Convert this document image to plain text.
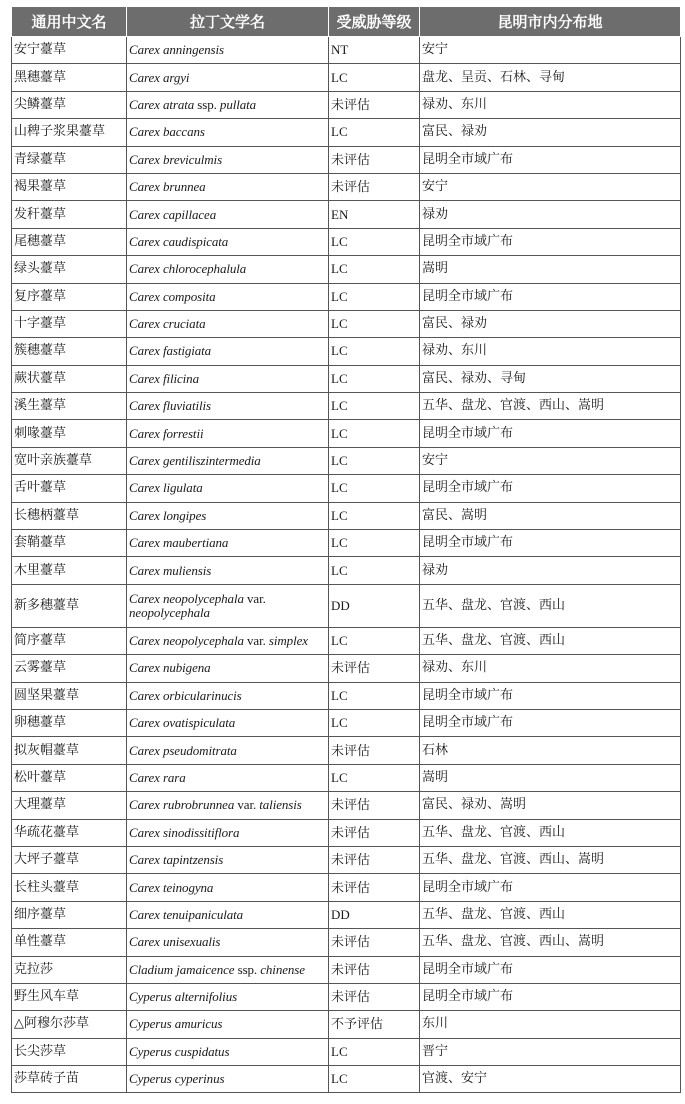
通用中文名	拉丁文学名	受威胁等级	昆明市内分布地
安宁薹草	Carex anningensis	NT	安宁
黑穗薹草	Carex argyi	LC	盘龙、呈贡、石林、寻甸
尖鳞薹草	Carex atrata ssp. pullata	未评估	禄劝、东川
山稗子浆果薹草	Carex baccans	LC	富民、禄劝
青绿薹草	Carex breviculmis	未评估	昆明全市域广布
褐果薹草	Carex brunnea	未评估	安宁
发秆薹草	Carex capillacea	EN	禄劝
尾穗薹草	Carex caudispicata	LC	昆明全市域广布
绿头薹草	Carex chlorocephalula	LC	嵩明
复序薹草	Carex composita	LC	昆明全市域广布
十字薹草	Carex cruciata	LC	富民、禄劝
簇穗薹草	Carex fastigiata	LC	禄劝、东川
蕨状薹草	Carex filicina	LC	富民、禄劝、寻甸
溪生薹草	Carex fluviatilis	LC	五华、盘龙、官渡、西山、嵩明
刺喙薹草	Carex forrestii	LC	昆明全市域广布
宽叶亲族薹草	Carex gentiliszintermedia	LC	安宁
舌叶薹草	Carex ligulata	LC	昆明全市域广布
长穗柄薹草	Carex longipes	LC	富民、嵩明
套鞘薹草	Carex maubertiana	LC	昆明全市域广布
木里薹草	Carex muliensis	LC	禄劝
新多穗薹草	Carex neopolycephala var. neopolycephala	DD	五华、盘龙、官渡、西山
简序薹草	Carex neopolycephala var. simplex	LC	五华、盘龙、官渡、西山
云雾薹草	Carex nubigena	未评估	禄劝、东川
圆坚果薹草	Carex orbicularinucis	LC	昆明全市域广布
卵穗薹草	Carex ovatispiculata	LC	昆明全市域广布
拟灰帽薹草	Carex pseudomitrata	未评估	石林
松叶薹草	Carex rara	LC	嵩明
大理薹草	Carex rubrobrunnea var. taliensis	未评估	富民、禄劝、嵩明
华疏花薹草	Carex sinodissitiflora	未评估	五华、盘龙、官渡、西山
大坪子薹草	Carex tapintzensis	未评估	五华、盘龙、官渡、西山、嵩明
长柱头薹草	Carex teinogyna	未评估	昆明全市域广布
细序薹草	Carex tenuipaniculata	DD	五华、盘龙、官渡、西山
单性薹草	Carex unisexualis	未评估	五华、盘龙、官渡、西山、嵩明
克拉莎	Cladium jamaicence ssp. chinense	未评估	昆明全市域广布
野生风车草	Cyperus alternifolius	未评估	昆明全市域广布
△阿穆尔莎草	Cyperus amuricus	不予评估	东川
长尖莎草	Cyperus cuspidatus	LC	晋宁
莎草砖子苗	Cyperus cyperinus	LC	官渡、安宁
